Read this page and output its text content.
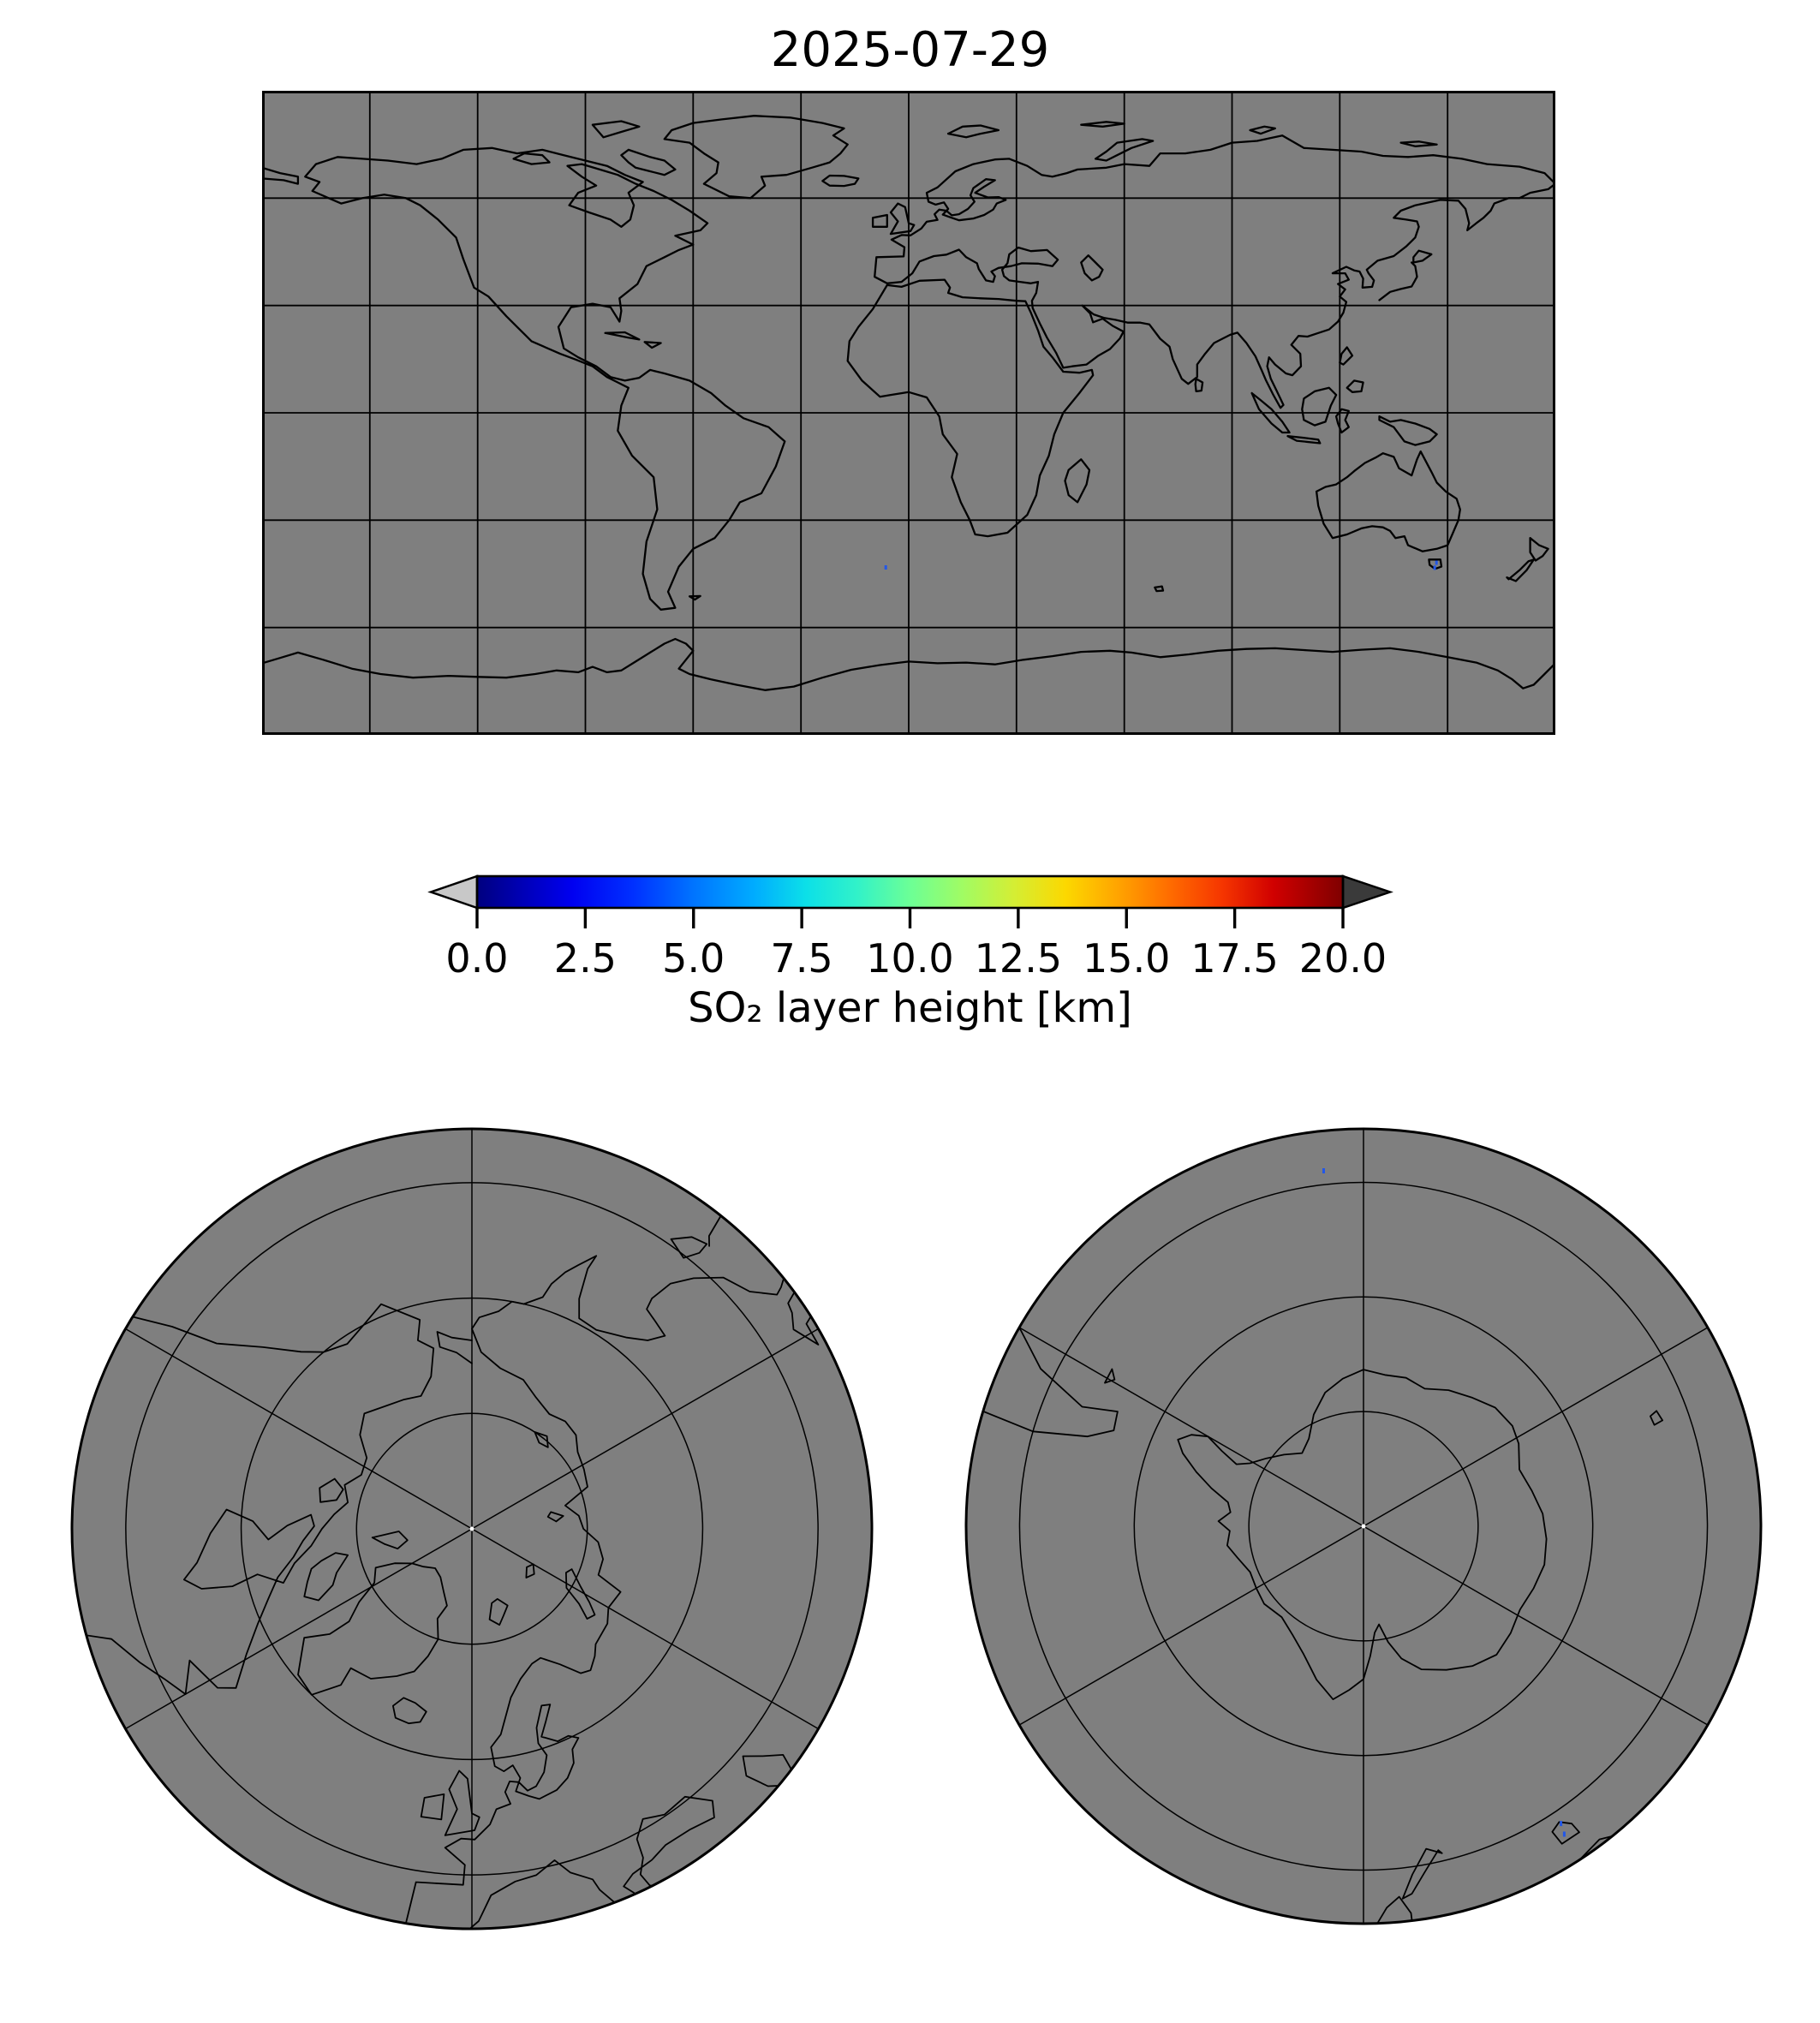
2025-07-29
0.0 2.5 5.0 7.5 10.0 12.5 15.0 17.5 20.0
SO₂ layer height [km]
